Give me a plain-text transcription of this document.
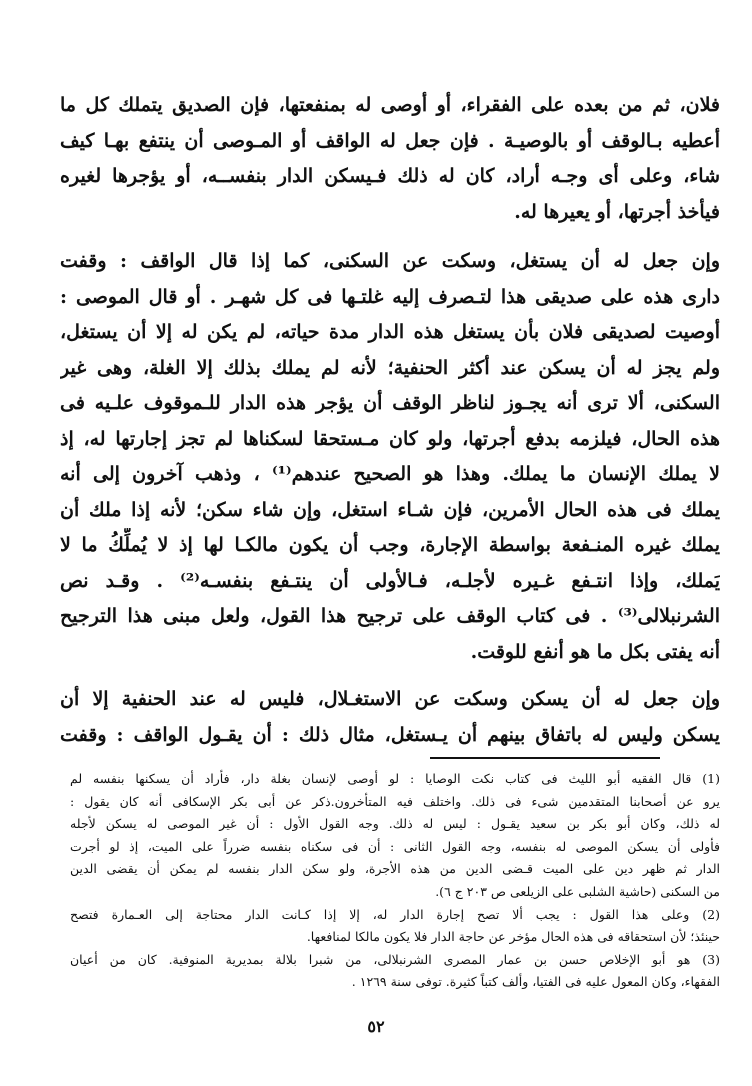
فلان، ثم من بعده على الفقراء، أو أوصى له بمنفعتها، فإن الصديق يتملك كل ما
أعطيه بـالوقف أو بالوصيـة . فإن جعل له الواقف أو المـوصى أن ينتفع بهـا كيف
شاء، وعلى أى وجـه أراد، كان له ذلك فـيسكن الدار بنفســه، أو يؤجرها لغيره
فيأخذ أجرتها، أو يعيرها له.

وإن جعل له أن يستغل، وسكت عن السكنى، كما إذا قال الواقف : وقفت
دارى هذه على صديقى هذا لتـصرف إليه غلتـها فى كل شهـر . أو قال الموصى :
أوصيت لصديقى فلان بأن يستغل هذه الدار مدة حياته، لم يكن له إلا أن يستغل،
ولم يجز له أن يسكن عند أكثر الحنفية؛ لأنه لم يملك بذلك إلا الغلة، وهى غير
السكنى، ألا ترى أنه يجـوز لناظر الوقف أن يؤجر هذه الدار للـموقوف علـيه فى
هذه الحال، فيلزمه بدفع أجرتها، ولو كان مـستحقا لسكناها لم تجز إجارتها له، إذ
لا يملك الإنسان ما يملك. وهذا هو الصحيح عندهم⁽¹⁾ ، وذهب آخرون إلى أنه
يملك فى هذه الحال الأمرين، فإن شـاء استغل، وإن شاء سكن؛ لأنه إذا ملك أن
يملك غيره المنـفعة بواسطة الإجارة، وجب أن يكون مالكـا لها إذ لا يُملِّكُ ما لا
يَملك، وإذا انتـفع غـيره لأجلـه، فـالأولى أن ينتـفع بنفسـه⁽²⁾ . وقـد نص
الشرنبلالى⁽³⁾ . فى كتاب الوقف على ترجيح هذا القول، ولعل مبنى هذا الترجيح
أنه يفتى بكل ما هو أنفع للوقت.

وإن جعل له أن يسكن وسكت عن الاستغـلال، فليس له عند الحنفية إلا أن
يسكن وليس له باتفاق بينهم أن يـستغل، مثال ذلك : أن يقـول الواقف : وقفت

(1) قال الفقيه أبو الليث فى كتاب نكت الوصايا : لو أوصى لإنسان بغلة دار، فأراد أن يسكنها بنفسه لم
يرو عن أصحابنا المتقدمين شىء فى ذلك. واختلف فيه المتأخرون.ذكر عن أبى بكر الإسكافى أنه كان يقول :
له ذلك، وكان أبو بكر بن سعيد يقـول : ليس له ذلك. وجه القول الأول : أن غير الموصى له يسكن لأجله
فأولى أن يسكن الموصى له بنفسه، وجه القول الثانى : أن فى سكناه بنفسه ضرراً على الميت، إذ لو أجرت
الدار ثم ظهر دين على الميت قـضى الدين من هذه الأجرة، ولو سكن الدار بنفسه لم يمكن أن يقضى الدين
من السكنى (حاشية الشلبى على الزيلعى ص ٢٠٣ ج ٦).

(2) وعلى هذا القول : يجب ألا تصح إجارة الدار له، إلا إذا كـانت الدار محتاجة إلى العـمارة فتصح
حينئذ؛ لأن استحقاقه فى هذه الحال مؤخر عن حاجة الدار فلا يكون مالكا لمنافعها.

(3) هو أبو الإخلاص حسن بن عمار المصرى الشرنبلالى، من شبرا بلالة بمديرية المنوفية. كان من أعيان
الفقهاء، وكان المعول عليه فى الفتيا، وألف كتباً كثيرة. توفى سنة ١٢٦٩ .

٥٢
